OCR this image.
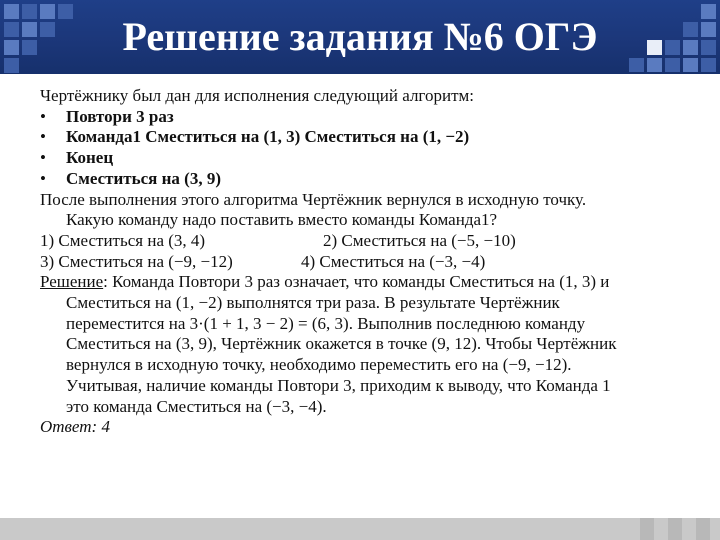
Решение задания №6 ОГЭ
Чертёжнику был дан для исполнения следующий алгоритм:
• Повтори 3 раз
• Команда1 Сместиться на (1, 3) Сместиться на (1, −2)
• Конец
• Сместиться на (3, 9)
После выполнения этого алгоритма Чертёжник вернулся в исходную точку.
Какую команду надо поставить вместо команды Команда1?
1) Сместиться на (3, 4)	2) Сместиться на (−5, −10)
3) Сместиться на (−9, −12)	4) Сместиться на (−3, −4)
Решение: Команда Повтори 3 раз означает, что команды Сместиться на (1, 3) и
Сместиться на (1, −2) выполнятся три раза. В результате Чертёжник
переместится на 3·(1 + 1, 3 − 2) = (6, 3). Выполнив последнюю команду
Сместиться на (3, 9), Чертёжник окажется в точке (9, 12). Чтобы Чертёжник
вернулся в исходную точку, необходимо переместить его на (−9, −12).
Учитывая, наличие команды Повтори 3, приходим к выводу, что Команда 1
это команда Сместиться на (−3, −4).
Ответ: 4
